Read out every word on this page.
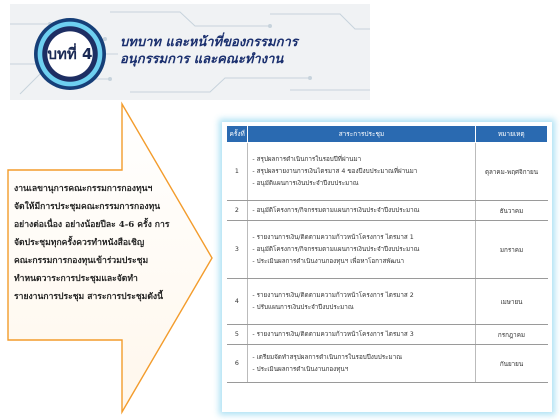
บทที่ 4
บทบาท และหน้าที่ของกรรมการ อนุกรรมการ และคณะทำงาน

งานเลขานุการคณะกรรมการกองทุนฯ

จัดให้มีการประชุมคณะกรรมการกองทุน

อย่างต่อเนื่อง อย่างน้อยปีละ 4-6 ครั้ง การ

จัดประชุมทุกครั้งควรทำหนังสือเชิญ

คณะกรรมการกองทุนเข้าร่วมประชุม

ทำหนดวาระการประชุมและจัดทำ

รายงานการประชุม สาระการประชุมดังนี้

ครั้งที่	สาระการประชุม	หมายเหตุ
1	- สรุปผลการดำเนินการในรอบปีที่ผ่านมา
- สรุปผลรายงานการเงินไตรมาส 4 ของปีงบประมาณที่ผ่านมา
- อนุมัติแผนการเงินประจำปีงบประมาณ	ตุลาคม-พฤศจิกายน
2	- อนุมัติโครงการ/กิจกรรมตามแผนการเงินประจำปีงบประมาณ	ธันวาคม
3	- รายงานการเงิน/ติดตามความก้าวหน้าโครงการ ไตรมาส 1
- อนุมัติโครงการ/กิจกรรมตามแผนการเงินประจำปีงบประมาณ
- ประเมินผลการดำเนินงานกองทุนฯ เพื่อหาโอกาสพัฒนา	มกราคม
4	- รายงานการเงิน/ติดตามความก้าวหน้าโครงการ ไตรมาส 2
- ปรับแผนการเงินประจำปีงบประมาณ	เมษายน
5	- รายงานการเงิน/ติดตามความก้าวหน้าโครงการ ไตรมาส 3	กรกฎาคม
6	- เตรียมจัดทำสรุปผลการดำเนินการในรอบปีงบประมาณ
- ประเมินผลการดำเนินงานกองทุนฯ	กันยายน
